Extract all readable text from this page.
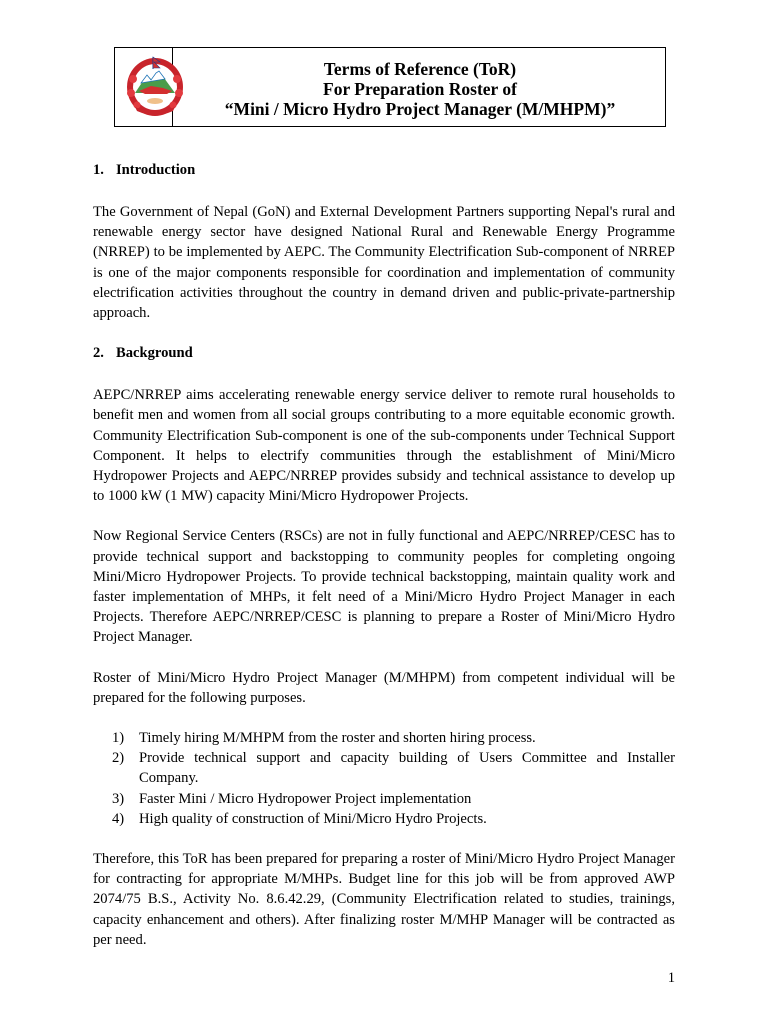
Terms of Reference (ToR)
For Preparation Roster of
“Mini / Micro Hydro Project Manager (M/MHPM)”
1. Introduction

The Government of Nepal (GoN) and External Development Partners supporting Nepal's rural and renewable energy sector have designed National Rural and Renewable Energy Programme (NRREP) to be implemented by AEPC. The Community Electrification Sub-component of NRREP is one of the major components responsible for coordination and implementation of community electrification activities throughout the country in demand driven and public-private-partnership approach.

2. Background

AEPC/NRREP aims accelerating renewable energy service deliver to remote rural households to benefit men and women from all social groups contributing to a more equitable economic growth. Community Electrification Sub-component is one of the sub-components under Technical Support Component. It helps to electrify communities through the establishment of Mini/Micro Hydropower Projects and AEPC/NRREP provides subsidy and technical assistance to develop up to 1000 kW (1 MW) capacity Mini/Micro Hydropower Projects.

Now Regional Service Centers (RSCs) are not in fully functional and AEPC/NRREP/CESC has to provide technical support and backstopping to community peoples for completing ongoing Mini/Micro Hydropower Projects. To provide technical backstopping, maintain quality work and faster implementation of MHPs, it felt need of a Mini/Micro Hydro Project Manager in each Projects. Therefore AEPC/NRREP/CESC is planning to prepare a Roster of Mini/Micro Hydro Project Manager.

Roster of Mini/Micro Hydro Project Manager (M/MHPM) from competent individual will be prepared for the following purposes.

1) Timely hiring M/MHPM from the roster and shorten hiring process.
2) Provide technical support and capacity building of Users Committee and Installer Company.
3) Faster Mini / Micro Hydropower Project implementation
4) High quality of construction of Mini/Micro Hydro Projects.

Therefore, this ToR has been prepared for preparing a roster of Mini/Micro Hydro Project Manager for contracting for appropriate M/MHPs. Budget line for this job will be from approved AWP 2074/75 B.S., Activity No. 8.6.42.29, (Community Electrification related to studies, trainings, capacity enhancement and others). After finalizing roster M/MHP Manager will be contracted as per need.

1
